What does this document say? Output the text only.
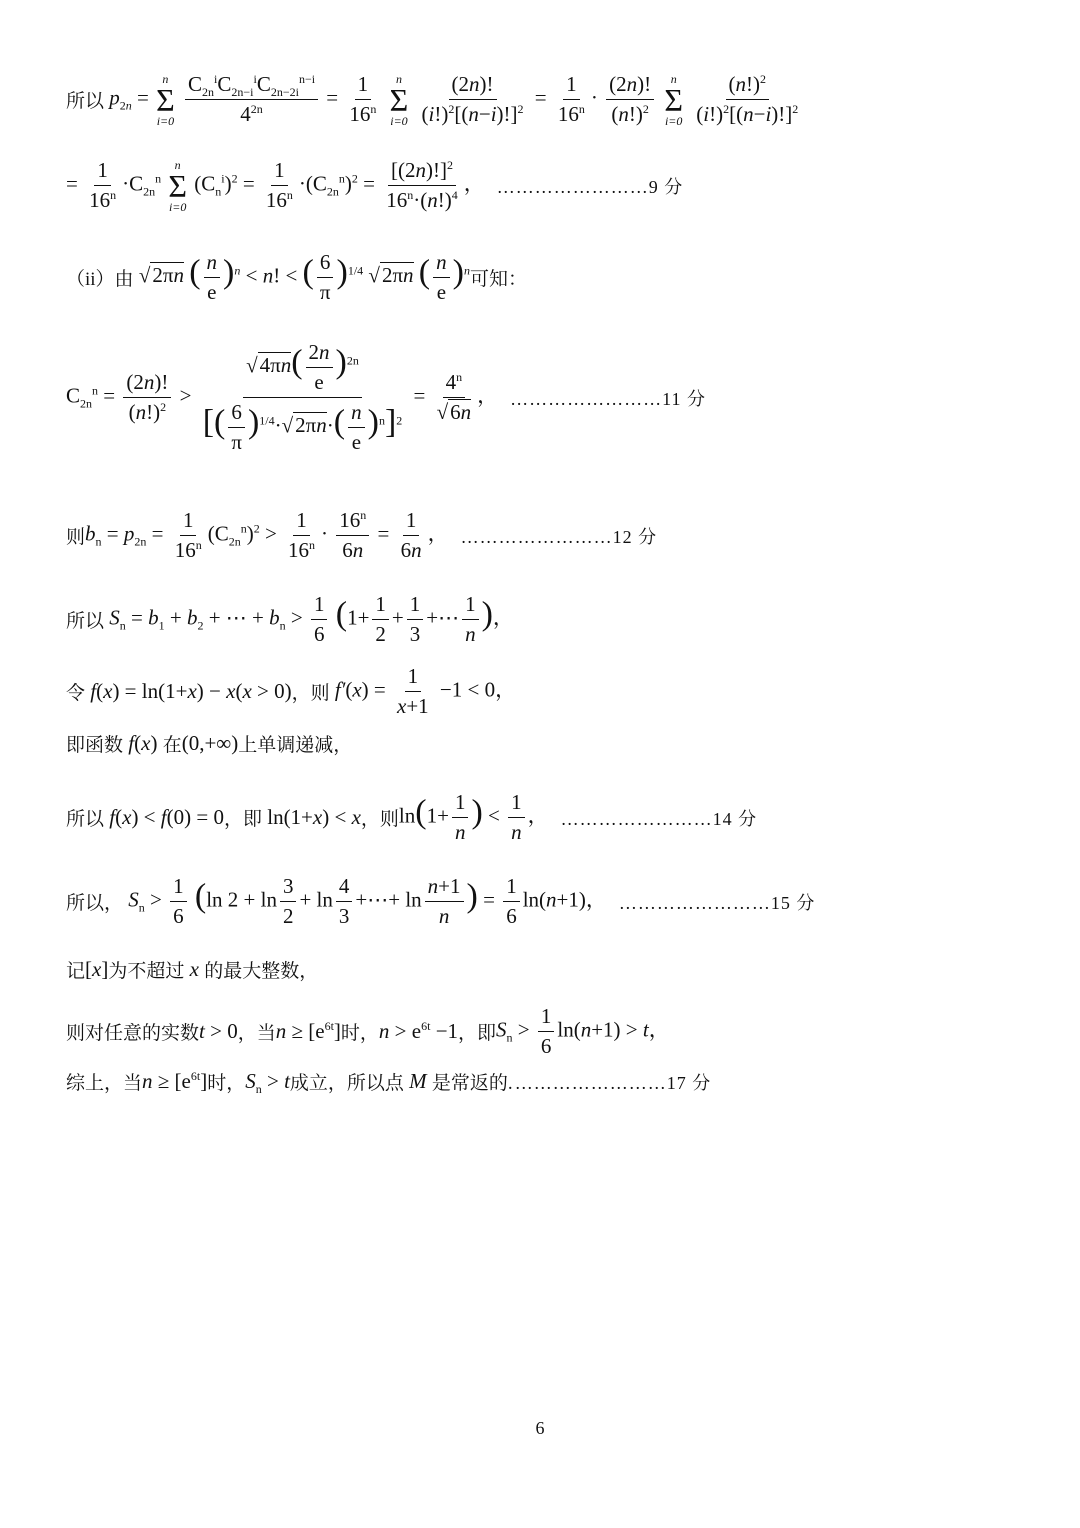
所以 $p_{2n}$ =
n
Σ
i=0
$\frac{C_{2n}^iC_{2n-i}^iC_{2n-2i}^{n-i}}{4^{2n}} = \frac{1}{16^n}$
n
Σ
i=0
$\frac{(2n)!}{(i!)^2[(n-i)!]^2} = \frac{1}{16^n} \cdot \frac{(2n)!}{(n!)^2}$
n
Σ
i=0
$\frac{(n!)^2}{(i!)^2[(n-i)!]^2}$
= $\frac{1}{16^n} \cdot C_{2n}^n$
n
Σ
i=0
$(C_n^i)^2 = \frac{1}{16^n} \cdot(C_{2n}^n)^2 = \frac{[(2n)!]^2}{16^n\cdot(n!)^4}$ ， ……………………9 分
（ii）由 √2πn ( $\frac{n}{e} )^n < n$! < ( $\frac{6}{\pi} )^{1/4}$ √2πn ( $\frac{n}{e} )^n$ 可知：
$C_{2n}^n = \frac{(2n)!}{(n!)^2} > \frac{√4\pi n( \frac{2n}{e} )^{2n}}{[( \frac{6}{\pi} )^{1/4}\cdot√2\pi n\cdot( \frac{n}{e} )^n]^2} = \frac{4^n}{√6n}$ ， ……………………11 分
则 $b_n = p_{2n} = \frac{1}{16^n} (C_{2n}^n)^2 > \frac{1}{16^n} \cdot \frac{16^n}{6n} = \frac{1}{6n}$ ， ……………………12 分
所以 $S_n = b_1 + b_2$ + ⋯ + $b_n > \frac{1}{6} (1+ \frac{1}{2} + \frac{1}{3}$ +⋯ $\frac{1}{n}$ )，
令 f(x) = ln(1+x) − x(x > 0) ，则 $f'(x) = \frac{1}{x+1} -1 < 0$，
即函数 f(x) 在 (0,+∞) 上单调递减，
所以 f(x) < f(0) = 0 ，即 ln(1+x) < x ，则 $\ln(1+ \frac{1}{n}$ ) < $\frac{1}{n}$ ， ……………………14 分
所以， $S_n > \frac{1}{6} (\ln$ $2 + \ln \frac{3}{2} + \ln \frac{4}{3}$ +⋯+ $\ln \frac{n+1}{n}$ ) = $\frac{1}{6} \ln(n+1)$， ……………………15 分
记 [x] 为不超过 x 的最大整数，
则对任意的实数 t > 0 ，当 $n \ge [e^{6t}]$ 时， $n > e^{6t} -1$ ，即 $S_n > \frac{1}{6} \ln(n+1) > t$，
综上，当 $n \ge [e^{6t}]$ 时， $S_n > t$ 成立，所以点 M 是常返的. ……………………17 分
6
